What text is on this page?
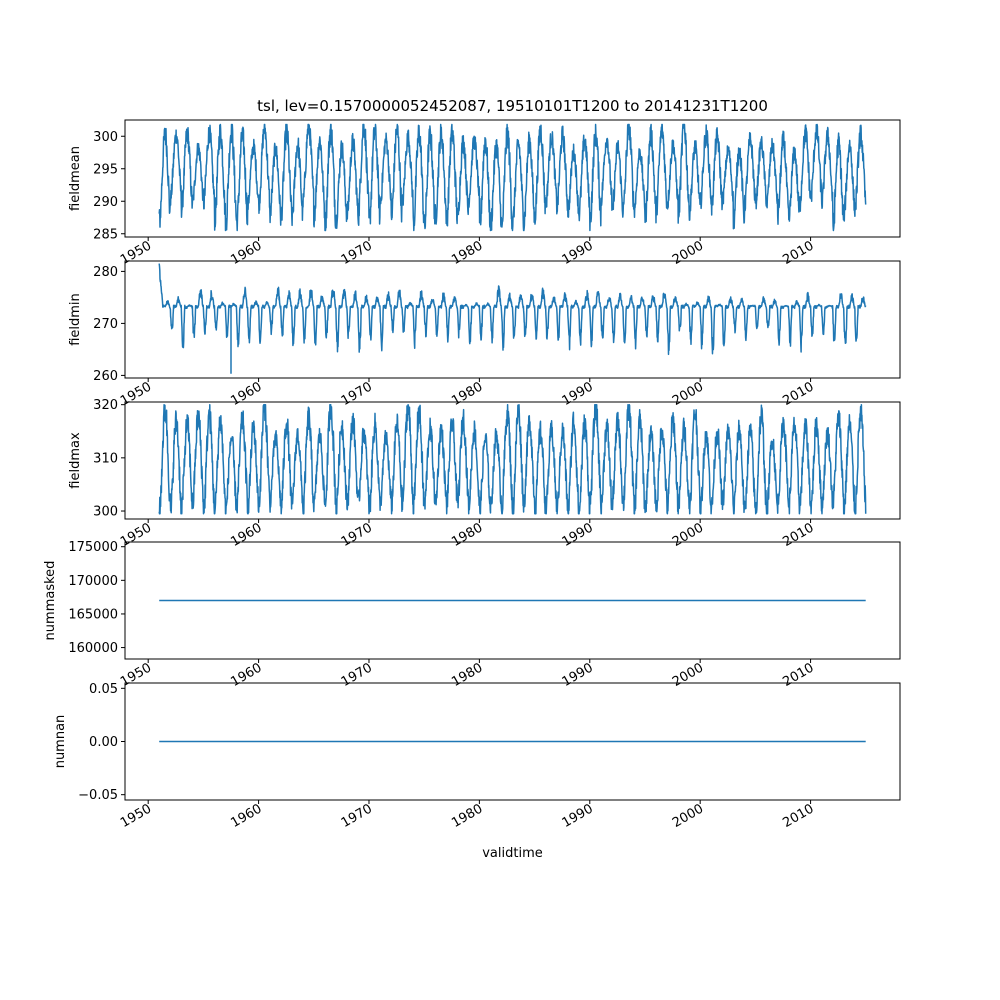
tsl, lev=0.1570000052452087, 19510101T1200 to 20141231T1200
285
290
295
300
1950	1960	1970	1980	1990	2000	2010
fieldmean
260
270
280
1950	1960	1970	1980	1990	2000	2010
fieldmin
300
310
320
1950	1960	1970	1980	1990	2000	2010
fieldmax
160000
165000
170000
175000
1950	1960	1970	1980	1990	2000	2010
nummasked
−0.05
0.00
0.05
1950	1960	1970	1980	1990	2000	2010
numnan
validtime
